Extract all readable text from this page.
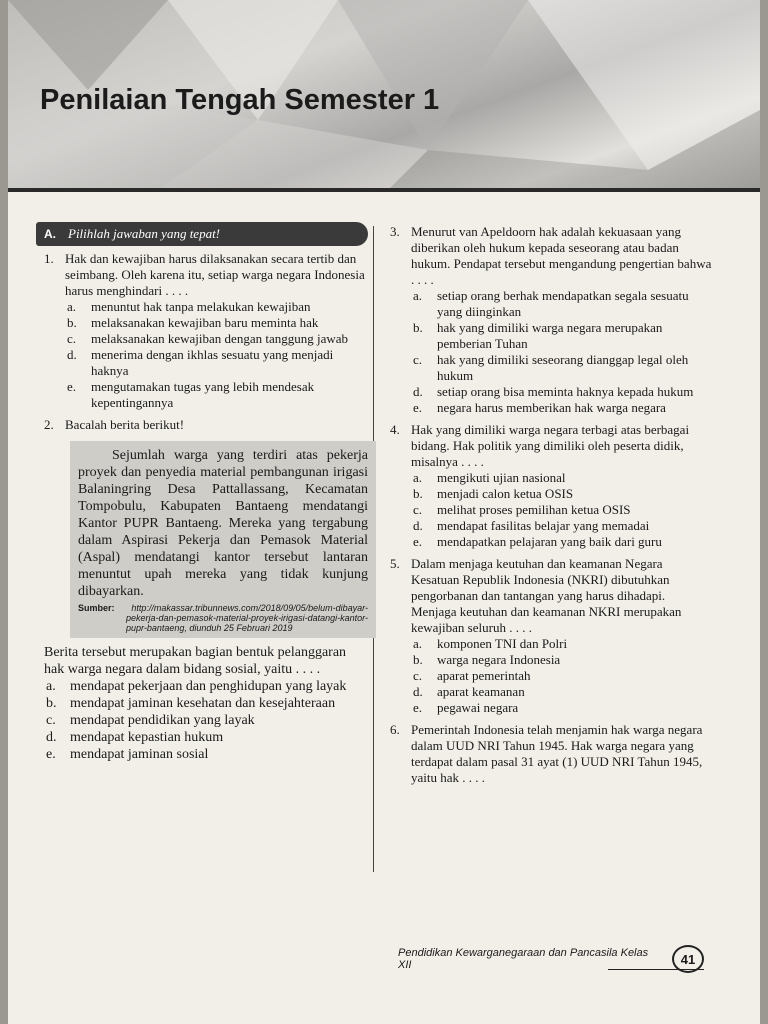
Penilaian Tengah Semester 1
A. Pilihlah jawaban yang tepat!
1. Hak dan kewajiban harus dilaksanakan secara tertib dan seimbang. Oleh karena itu, setiap warga negara Indonesia harus menghindari . . . .
a.	menuntut hak tanpa melakukan kewajiban
b.	melaksanakan kewajiban baru meminta hak
c.	melaksanakan kewajiban dengan tanggung jawab
d.	menerima dengan ikhlas sesuatu yang menjadi haknya
e.	mengutamakan tugas yang lebih mendesak kepentingannya
2. Bacalah berita berikut!
Sejumlah warga yang terdiri atas pekerja proyek dan penyedia material pembangunan irigasi Balaningring Desa Pattallassang, Kecamatan Tompobulu, Kabupaten Bantaeng mendatangi Kantor PUPR Bantaeng. Mereka yang tergabung dalam Aspirasi Pekerja dan Pemasok Material (Aspal) mendatangi kantor tersebut lantaran menuntut upah mereka yang tidak kunjung dibayarkan.
Sumber: http://makassar.tribunnews.com/2018/09/05/belum-dibayar-pekerja-dan-pemasok-material-proyek-irigasi-datangi-kantor-pupr-bantaeng, diunduh 25 Februari 2019
Berita tersebut merupakan bagian bentuk pelanggaran hak warga negara dalam bidang sosial, yaitu . . . .
a.	mendapat pekerjaan dan penghidupan yang layak
b. mendapat jaminan kesehatan dan kesejahteraan
c.	mendapat pendidikan yang layak
d. mendapat kepastian hukum
e.	mendapat jaminan sosial
3. Menurut van Apeldoorn hak adalah kekuasaan yang diberikan oleh hukum kepada seseorang atau badan hukum. Pendapat tersebut mengandung pengertian bahwa . . . .
a.	setiap orang berhak mendapatkan segala sesuatu yang diinginkan
b.	hak yang dimiliki warga negara merupakan pemberian Tuhan
c.	hak yang dimiliki seseorang dianggap legal oleh hukum
d.	setiap orang bisa meminta haknya kepada hukum
e.	negara harus memberikan hak warga negara
4. Hak yang dimiliki warga negara terbagi atas berbagai bidang. Hak politik yang dimiliki oleh peserta didik, misalnya . . . .
a.	mengikuti ujian nasional
b.	menjadi calon ketua OSIS
c.	melihat proses pemilihan ketua OSIS
d.	mendapat fasilitas belajar yang memadai
e.	mendapatkan pelajaran yang baik dari guru
5. Dalam menjaga keutuhan dan keamanan Negara Kesatuan Republik Indonesia (NKRI) dibutuhkan pengorbanan dan tantangan yang harus dihadapi. Menjaga keutuhan dan keamanan NKRI merupakan kewajiban seluruh . . . .
a.	komponen TNI dan Polri
b.	warga negara Indonesia
c.	aparat pemerintah
d.	aparat keamanan
e.	pegawai negara
6. Pemerintah Indonesia telah menjamin hak warga negara dalam UUD NRI Tahun 1945. Hak warga negara yang terdapat dalam pasal 31 ayat (1) UUD NRI Tahun 1945, yaitu hak . . . .
Pendidikan Kewarganegaraan dan Pancasila Kelas XII	41
